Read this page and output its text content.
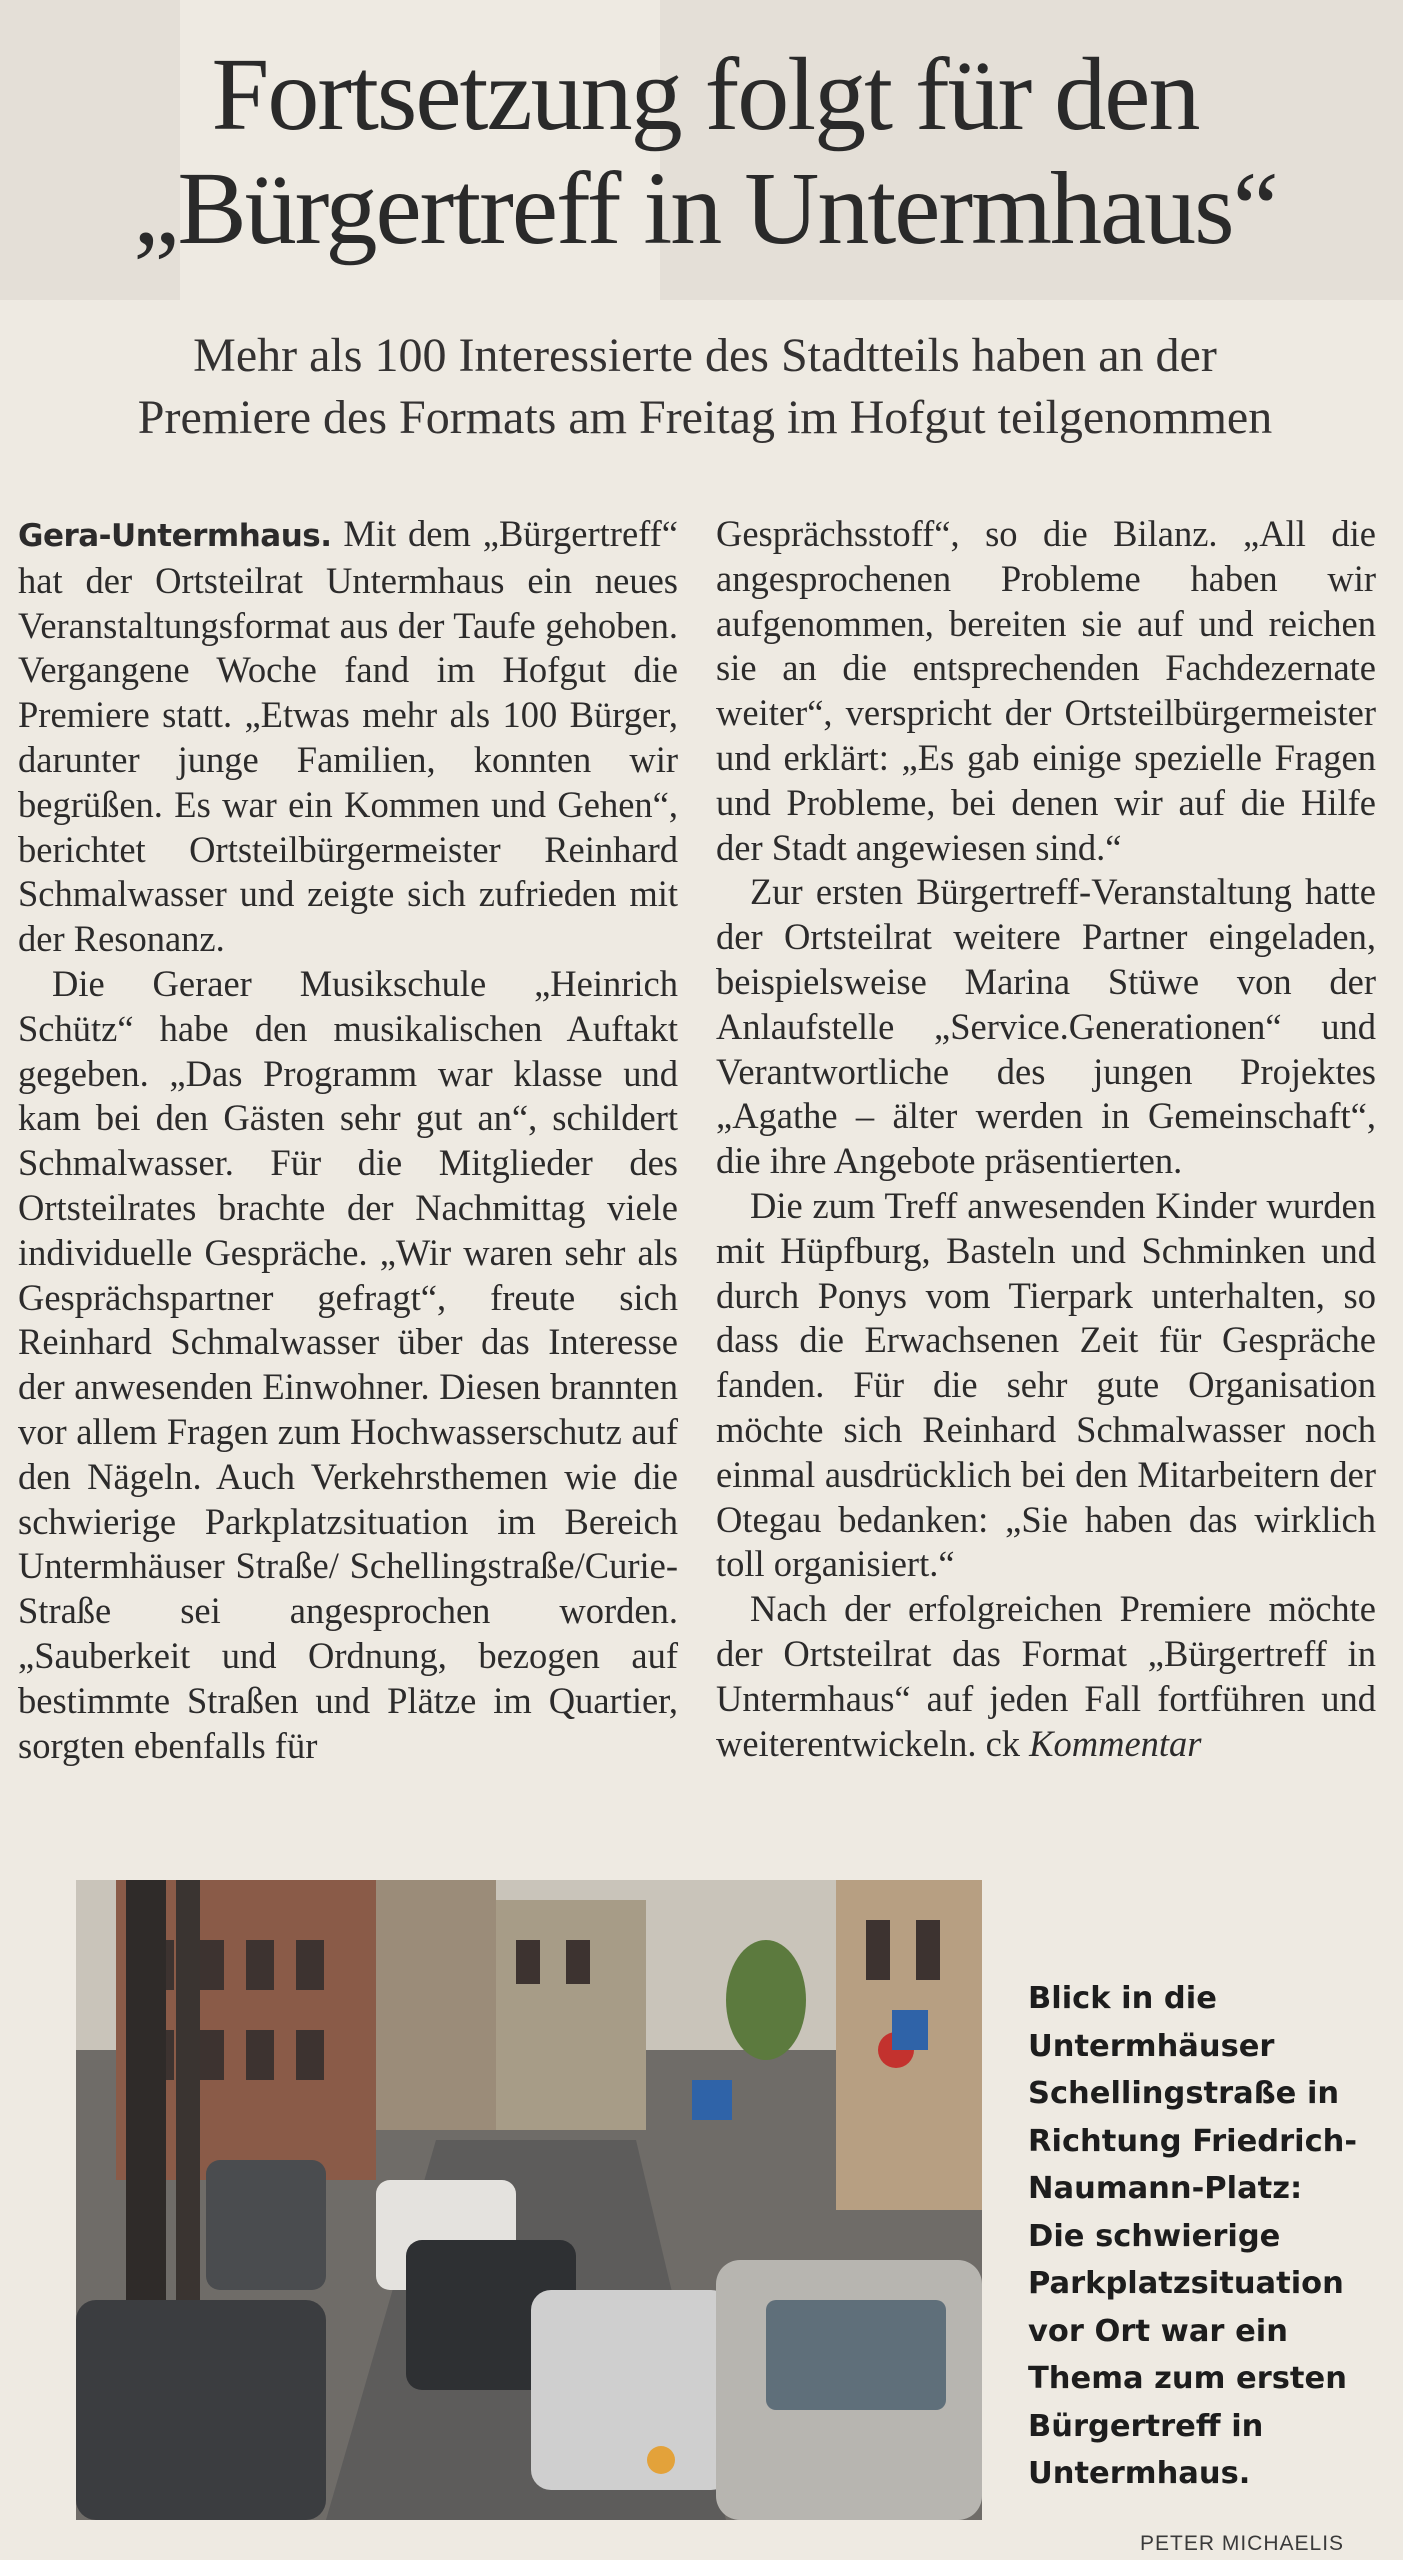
Fortsetzung folgt für den
„Bürgertreff in Untermhaus“
Mehr als 100 Interessierte des Stadtteils haben an der
Premiere des Formats am Freitag im Hofgut teilgenommen

Gera-Untermhaus. Mit dem „Bürgertreff“ hat der Ortsteilrat Untermhaus ein neues Veranstaltungsformat aus der Taufe gehoben. Vergangene Woche fand im Hofgut die Premiere statt. „Etwas mehr als 100 Bürger, darunter junge Familien, konnten wir begrüßen. Es war ein Kommen und Gehen“, berichtet Ortsteilbürgermeister Reinhard Schmalwasser und zeigte sich zufrieden mit der Resonanz.

Die Geraer Musikschule „Heinrich Schütz“ habe den musikalischen Auftakt gegeben. „Das Programm war klasse und kam bei den Gästen sehr gut an“, schildert Schmalwasser. Für die Mitglieder des Ortsteilrates brachte der Nachmittag viele individuelle Gespräche. „Wir waren sehr als Gesprächspartner gefragt“, freute sich Reinhard Schmalwasser über das Interesse der anwesenden Einwohner. Diesen brannten vor allem Fragen zum Hochwasserschutz auf den Nägeln. Auch Verkehrsthemen wie die schwierige Parkplatzsituation im Bereich Untermhäuser Straße/ Schellingstraße/Curie-Straße sei angesprochen worden. „Sauberkeit und Ordnung, bezogen auf bestimmte Straßen und Plätze im Quartier, sorgten ebenfalls für

Gesprächsstoff“, so die Bilanz. „All die angesprochenen Probleme haben wir aufgenommen, bereiten sie auf und reichen sie an die entsprechenden Fachdezernate weiter“, verspricht der Ortsteilbürgermeister und erklärt: „Es gab einige spezielle Fragen und Probleme, bei denen wir auf die Hilfe der Stadt angewiesen sind.“

Zur ersten Bürgertreff-Veranstaltung hatte der Ortsteilrat weitere Partner eingeladen, beispielsweise Marina Stüwe von der Anlaufstelle „Service.Generationen“ und Verantwortliche des jungen Projektes „Agathe – älter werden in Gemeinschaft“, die ihre Angebote präsentierten.

Die zum Treff anwesenden Kinder wurden mit Hüpfburg, Basteln und Schminken und durch Ponys vom Tierpark unterhalten, so dass die Erwachsenen Zeit für Gespräche fanden. Für die sehr gute Organisation möchte sich Reinhard Schmalwasser noch einmal ausdrücklich bei den Mitarbeitern der Otegau bedanken: „Sie haben das wirklich toll organisiert.“

Nach der erfolgreichen Premiere möchte der Ortsteilrat das Format „Bürgertreff in Untermhaus“ auf jeden Fall fortführen und weiterentwickeln. ck Kommentar

Blick in die Untermhäuser Schellingstraße in Richtung Friedrich-Naumann-Platz: Die schwierige Parkplatzsituation vor Ort war ein Thema zum ersten Bürgertreff in Untermhaus.
PETER MICHAELIS
